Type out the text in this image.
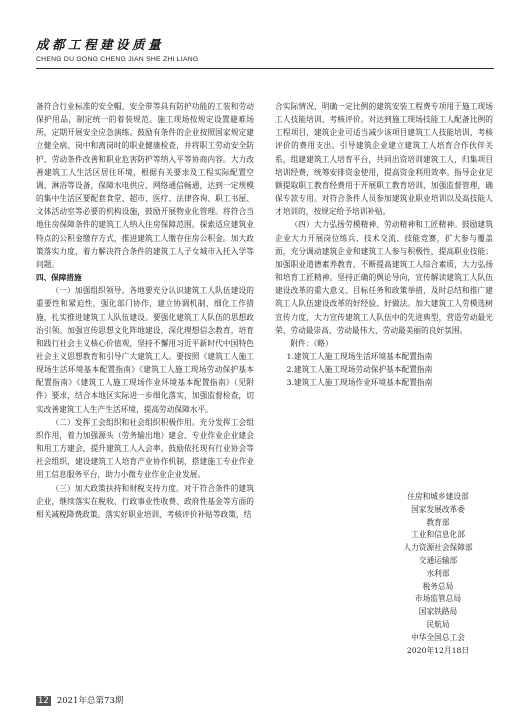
成都工程建设质量
CHENG DU GONG CHENG JIAN SHE ZHI LIANG

备符合行业标准的安全帽、安全带等具有防护功能的工装和劳动保护用品，制定统一的着装规范。施工现场按规定设置避难场所，定期开展安全应急演练。鼓励有条件的企业按照国家规定建立健全病、岗中和离岗时的职业健康检查，并将职工劳动安全防护、劳动条件改善和职业危害防护等纳入平等协商内容。大力改善建筑工人生活区居住环境，根据有关要求及工程实际配置空调、淋浴等设备，保障水电供应、网络通信畅通，达到一定规模的集中生活区要配套食堂、超市、医疗、法律咨询、职工书屋、文体活动室等必要的机构设施，鼓励开展物业化管理。将符合当地住房保障条件的建筑工人纳入住房保障范围。探索适应建筑业特点的公积金缴存方式，推进建筑工人缴存住房公积金。加大政策落实力度，着力解决符合条件的建筑工人子女城市入托入学等问题。

四、保障措施

（一）加强组织领导。各地要充分认识建筑工人队伍建设的重要性和紧迫性，强化部门协作，建立协调机制，细化工作措施，扎实推进建筑工人队伍建设。要强化建筑工人队伍的思想政治引领。加强宣传思想文化阵地建设，深化理想信念教育，培育和践行社会主义核心价值观，坚持不懈用习近平新时代中国特色社会主义思想教育和引导广大建筑工人。要按照《建筑工人施工现场生活环境基本配置指南》《建筑工人施工现场劳动保护基本配置指南》《建筑工人施工现场作业环境基本配置指南》（见附件）要求，结合本地区实际进一步细化落实，加强监督检查，切实改善建筑工人生产生活环境，提高劳动保障水平。

（二）发挥工会组织和社会组织积极作用。充分发挥工会组织作用，着力加强源头（劳务输出地）建会、专业作业企业建会和用工方建会，提升建筑工人入会率。鼓励依托现有行业协会等社会组织，建设建筑工人培育产业协作机制，搭建施工专业作业用工信息服务平台，助力小微专业作业企业发展。

（三）加大政策扶持和财税支持力度。对于符合条件的建筑企业，继续落实在税收、行政事业性收费、政府性基金等方面的相关减税降费政策。落实好职业培训、考核评价补贴等政策，结

合实际情况，明确一定比例的建筑安装工程费专项用于施工现场工人技能培训、考核评价。对达到施工现场技能工人配备比例的工程项目，建筑企业可适当减少该项目建筑工人技能培训、考核评价的费用支出。引导建筑企业建立建筑工人培育合作伙伴关系，组建建筑工人培育平台，共同出资培训建筑工人，归集项目培训经费，统筹安排资金使用，提高资金利用效率。指导企业足额提取职工教育经费用于开展职工教育培训，加强监督管理，确保专款专用。对符合条件人员参加建筑业职业培训以及高技能人才培训的，按规定给予培训补贴。

（四）大力弘扬劳模精神、劳动精神和工匠精神。鼓励建筑企业大力开展岗位练兵、技术交流、技能竞赛，扩大参与覆盖面，充分调动建筑企业和建筑工人参与积极性，提高职业技能；加强职业道德素养教育，不断提高建筑工人综合素质，大力弘扬和培育工匠精神。坚持正确的舆论导向，宣传解读建筑工人队伍建设改革的重大意义、目标任务和政策举措，及时总结和推广建筑工人队伍建设改革的好经验、好做法。加大建筑工人劳模选树宣传力度，大力宣传建筑工人队伍中的先进典型，营造劳动最光荣、劳动最崇高、劳动最伟大、劳动最美丽的良好氛围。

附件：（略）

1.建筑工人施工现场生活环境基本配置指南

2.建筑工人施工现场劳动保护基本配置指南

3.建筑工人施工现场作业环境基本配置指南

住房和城乡建设部
国家发展改革委
教育部
工业和信息化部
人力资源社会保障部
交通运输部
水利部
税务总局
市场监管总局
国家铁路局
民航局
中华全国总工会
2020年12月18日
12 2021年总第73期
